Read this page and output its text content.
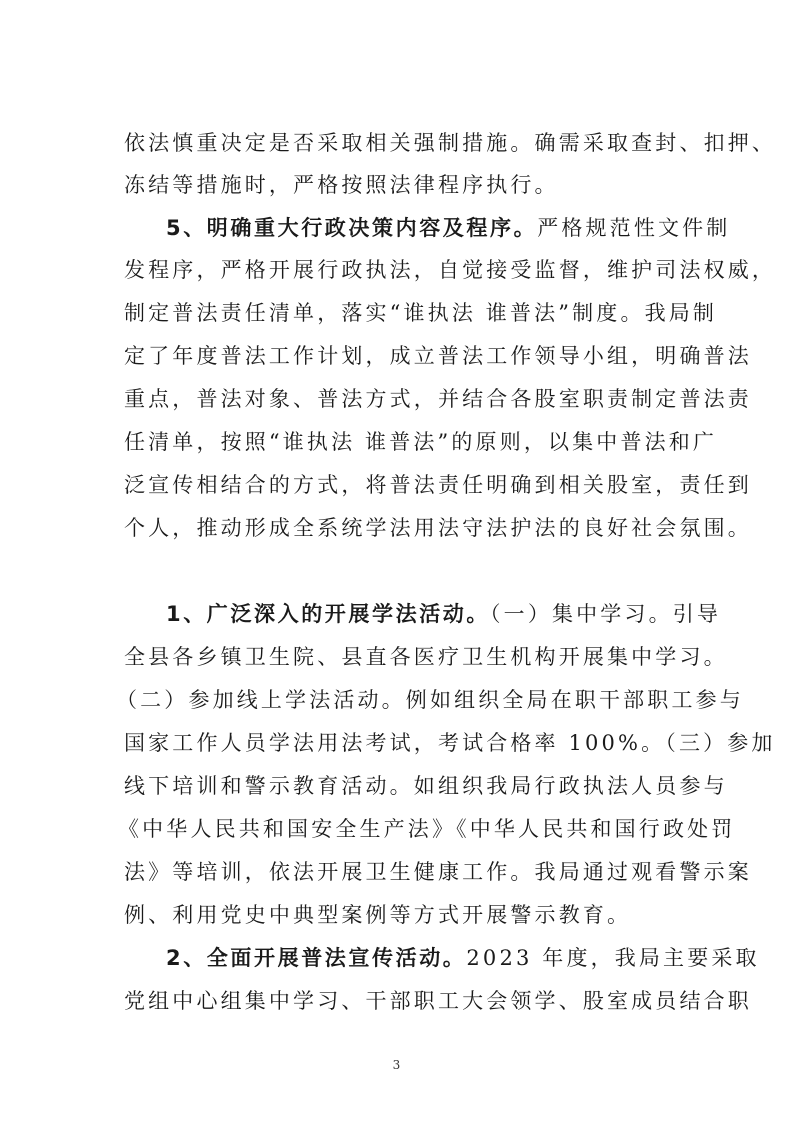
依法慎重决定是否采取相关强制措施。确需采取查封、扣押、
冻结等措施时，严格按照法律程序执行。
5、明确重大行政决策内容及程序。严格规范性文件制
发程序，严格开展行政执法，自觉接受监督，维护司法权威，
制定普法责任清单，落实“谁执法 谁普法”制度。我局制
定了年度普法工作计划，成立普法工作领导小组，明确普法
重点，普法对象、普法方式，并结合各股室职责制定普法责
任清单，按照“谁执法 谁普法”的原则，以集中普法和广
泛宣传相结合的方式，将普法责任明确到相关股室，责任到
个人，推动形成全系统学法用法守法护法的良好社会氛围。
1、广泛深入的开展学法活动。（一）集中学习。引导
全县各乡镇卫生院、县直各医疗卫生机构开展集中学习。
（二）参加线上学法活动。例如组织全局在职干部职工参与
国家工作人员学法用法考试，考试合格率 100%。（三）参加
线下培训和警示教育活动。如组织我局行政执法人员参与
《中华人民共和国安全生产法》《中华人民共和国行政处罚
法》等培训，依法开展卫生健康工作。我局通过观看警示案
例、利用党史中典型案例等方式开展警示教育。
2、全面开展普法宣传活动。2023 年度，我局主要采取
党组中心组集中学习、干部职工大会领学、股室成员结合职
3
